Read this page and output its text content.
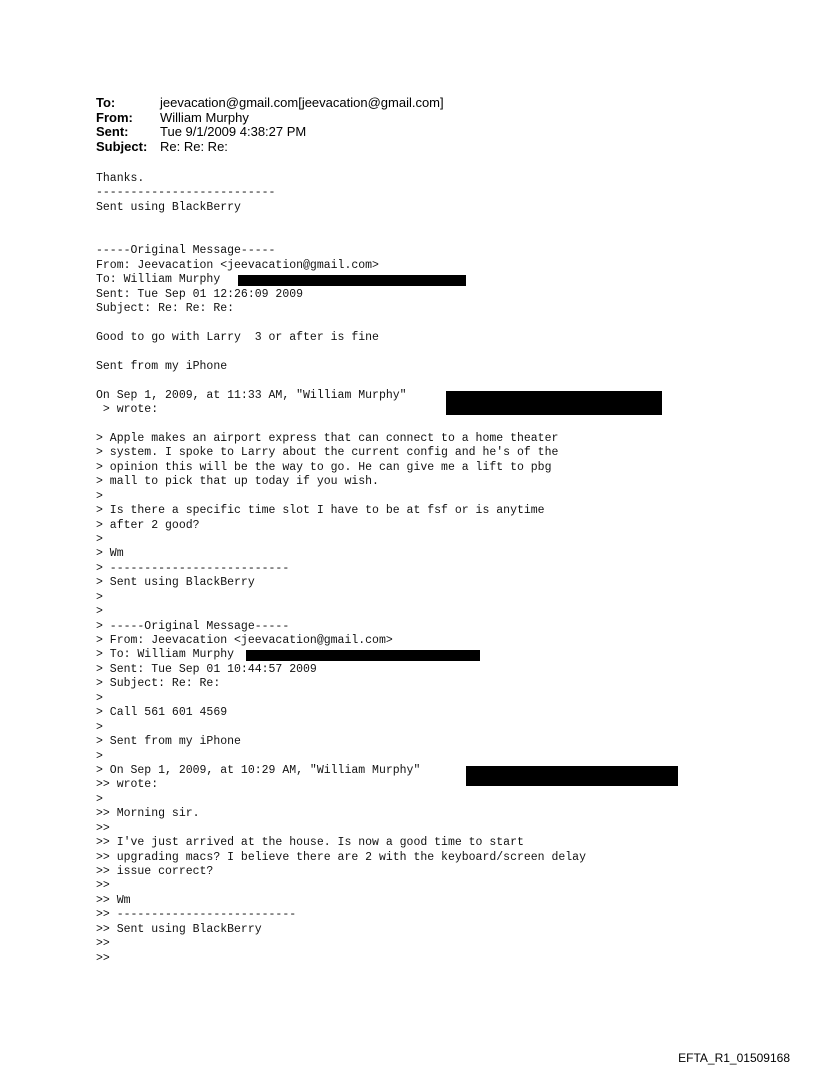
To:	jeevacation@gmail.com[jeevacation@gmail.com]
From: William Murphy
Sent: Tue 9/1/2009 4:38:27 PM
Subject: Re: Re: Re:
Thanks.
--------------------------
Sent using BlackBerry
-----Original Message-----
From: Jeevacation <jeevacation@gmail.com>
To: William Murphy
Sent: Tue Sep 01 12:26:09 2009
Subject: Re: Re: Re:
Good to go with Larry  3 or after is fine
Sent from my iPhone
On Sep 1, 2009, at 11:33 AM, "William Murphy"
> wrote:
> Apple makes an airport express that can connect to a home theater
> system. I spoke to Larry about the current config and he's of the
> opinion this will be the way to go. He can give me a lift to pbg
> mall to pick that up today if you wish.
>
> Is there a specific time slot I have to be at fsf or is anytime
> after 2 good?
>
> Wm
> --------------------------
> Sent using BlackBerry
>
>
> -----Original Message-----
> From: Jeevacation <jeevacation@gmail.com>
> To: William Murphy
> Sent: Tue Sep 01 10:44:57 2009
> Subject: Re: Re:
>
> Call 561 601 4569
>
> Sent from my iPhone
>
> On Sep 1, 2009, at 10:29 AM, "William Murphy"
>> wrote:
>
>> Morning sir.
>>
>> I've just arrived at the house. Is now a good time to start
>> upgrading macs? I believe there are 2 with the keyboard/screen delay
>> issue correct?
>>
>> Wm
>> --------------------------
>> Sent using BlackBerry
>>
>>
EFTA_R1_01509168
